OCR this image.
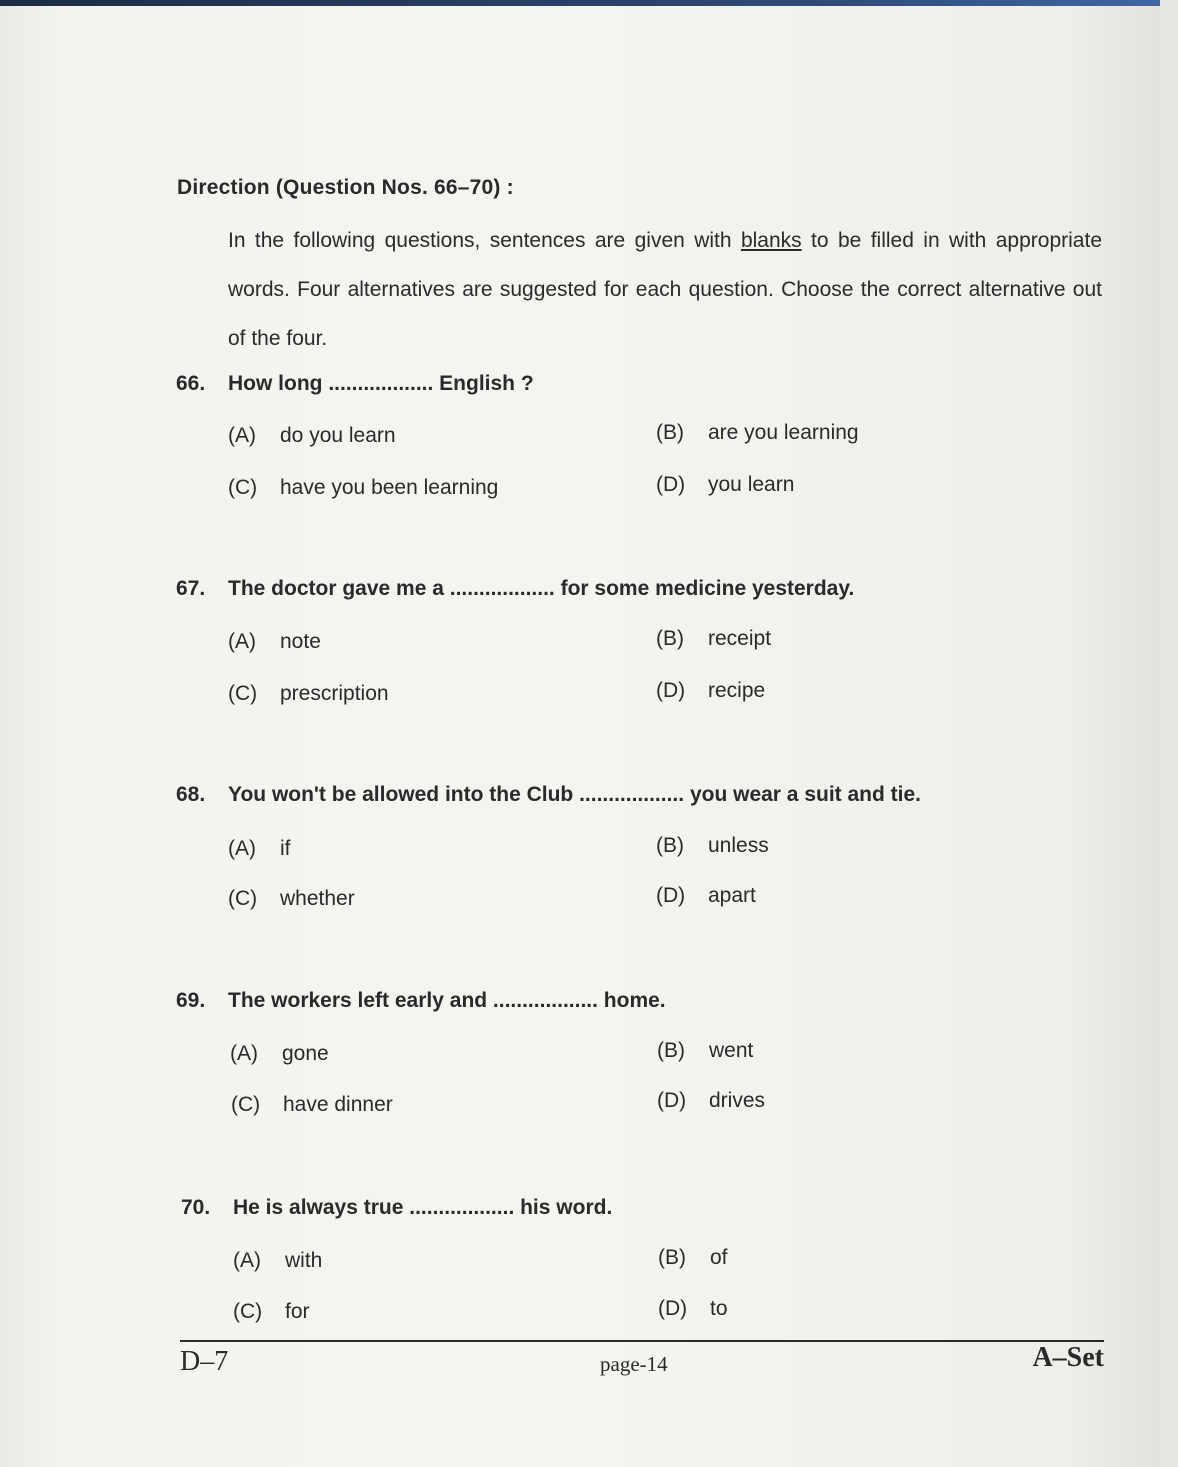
Direction (Question Nos. 66–70) :
In the following questions, sentences are given with blanks to be filled in with appropriate words. Four alternatives are suggested for each question. Choose the correct alternative out of the four.
66. How long .................. English ?
(A) do you learn	(B) are you learning
(C) have you been learning	(D) you learn
67. The doctor gave me a .................. for some medicine yesterday.
(A) note	(B) receipt
(C) prescription	(D) recipe
68. You won't be allowed into the Club .................. you wear a suit and tie.
(A) if	(B) unless
(C) whether	(D) apart
69. The workers left early and .................. home.
(A) gone	(B) went
(C) have dinner	(D) drives
70. He is always true .................. his word.
(A) with	(B) of
(C) for	(D) to
D–7	page-14	A–Set
